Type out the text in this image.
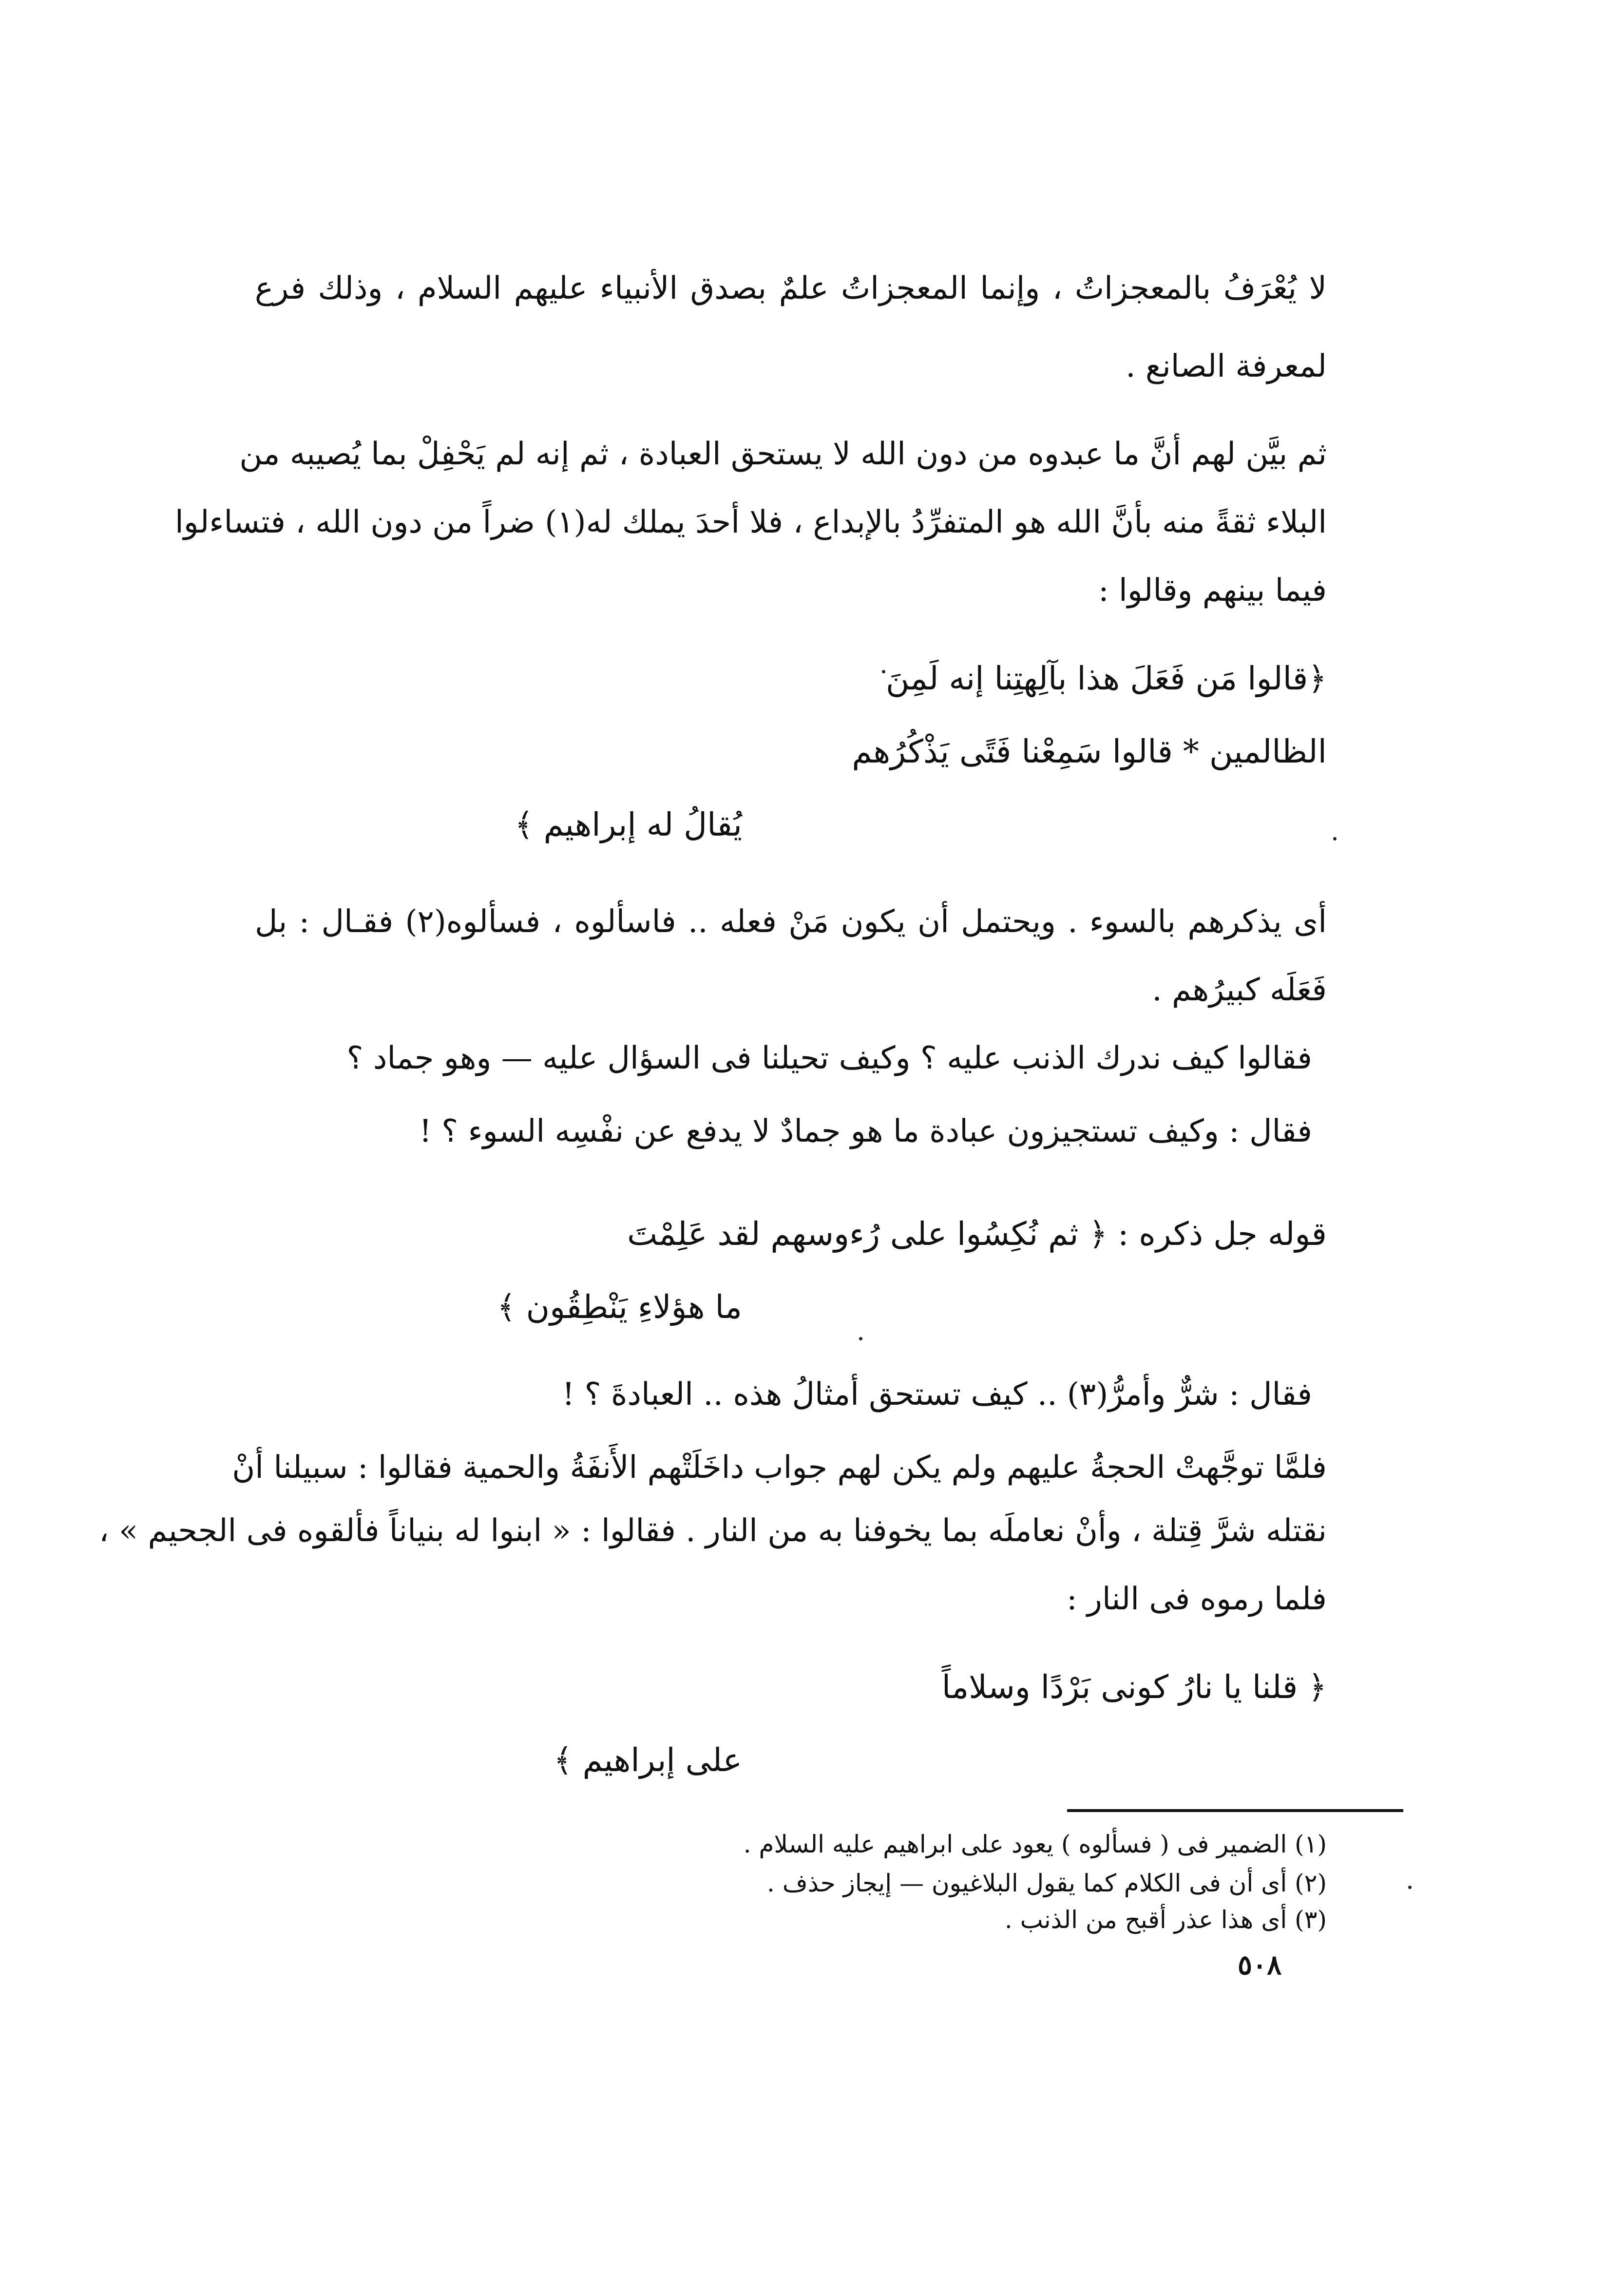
لا يُعْرَفُ بالمعجزاتُ ، وإنما المعجزاتُ علمٌ بصدق الأنبياء عليهم السلام ، وذلك فرع
لمعرفة الصانع .
ثم بيَّن لهم أنَّ ما عبدوه من دون الله لا يستحق العبادة ، ثم إنه لم يَحْفِلْ بما يُصيبه من
البلاء ثقةً منه بأنَّ الله هو المتفرِّدُ بالإبداع ، فلا أحدَ يملك له(١) ضراً من دون الله ، فتساءلوا
فيما بينهم وقالوا :
﴿قالوا مَن فَعَلَ هذا بآلِهتِنا إنه لَمِنَ
الظالمين * قالوا سَمِعْنا فَتًى يَذْكُرُهم
يُقالُ له إبراهيم ﴾
أى يذكرهم بالسوء . ويحتمل أن يكون مَنْ فعله .. فاسألوه ، فسألوه(٢) فقـال : بل
فَعَلَه كبيرُهم .
فقالوا كيف ندرك الذنب عليه ؟ وكيف تحيلنا فى السؤال عليه — وهو جماد ؟
فقال : وكيف تستجيزون عبادة ما هو جمادٌ لا يدفع عن نفْسِه السوء ؟ !
قوله جل ذكره : ﴿ ثم نُكِسُوا على رُءوسهم لقد عَلِمْتَ
ما هؤلاءِ يَنْطِقُون ﴾
فقال : شرٌّ وأمرُّ(٣) .. كيف تستحق أمثالُ هذه .. العبادةَ ؟ !
فلمَّا توجَّهتْ الحجةُ عليهم ولم يكن لهم جواب داخَلَتْهم الأَنفَةُ والحمية فقالوا : سبيلنا أنْ
نقتله شرَّ قِتلة ، وأنْ نعاملَه بما يخوفنا به من النار . فقالوا : « ابنوا له بنياناً فألقوه فى الجحيم » ،
فلما رموه فى النار :
﴿ قلنا يا نارُ كونى بَرْدًا وسلاماً
على إبراهيم ﴾
(١) الضمير فى ( فسألوه ) يعود على ابراهيم عليه السلام .
(٢) أى أن فى الكلام كما يقول البلاغيون — إيجاز حذف .
(٣) أى هذا عذر أقبح من الذنب .
٥٠٨
